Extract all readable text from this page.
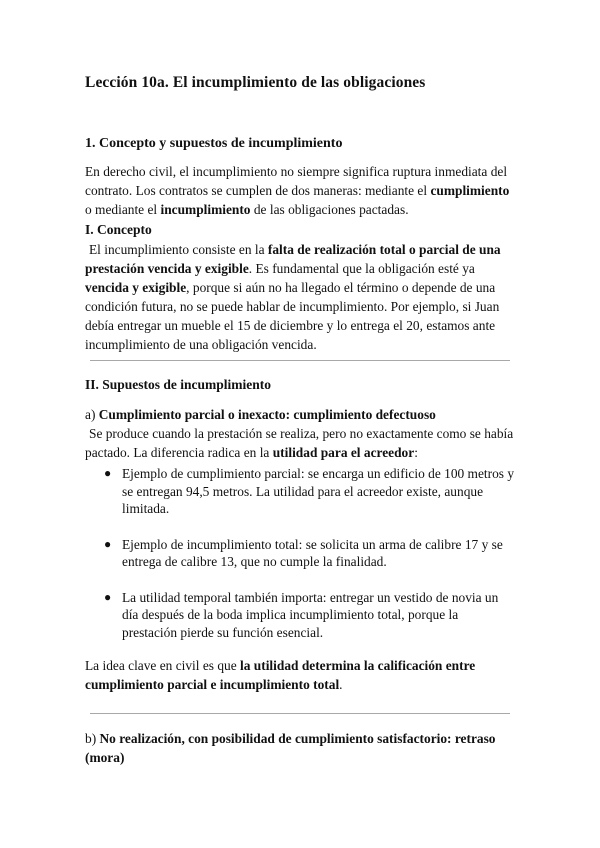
Lección 10a. El incumplimiento de las obligaciones
1. Concepto y supuestos de incumplimiento
En derecho civil, el incumplimiento no siempre significa ruptura inmediata del contrato. Los contratos se cumplen de dos maneras: mediante el cumplimiento o mediante el incumplimiento de las obligaciones pactadas.
I. Concepto
El incumplimiento consiste en la falta de realización total o parcial de una prestación vencida y exigible. Es fundamental que la obligación esté ya vencida y exigible, porque si aún no ha llegado el término o depende de una condición futura, no se puede hablar de incumplimiento. Por ejemplo, si Juan debía entregar un mueble el 15 de diciembre y lo entrega el 20, estamos ante incumplimiento de una obligación vencida.
II. Supuestos de incumplimiento
a) Cumplimiento parcial o inexacto: cumplimiento defectuoso
Se produce cuando la prestación se realiza, pero no exactamente como se había pactado. La diferencia radica en la utilidad para el acreedor:
● Ejemplo de cumplimiento parcial: se encarga un edificio de 100 metros y se entregan 94,5 metros. La utilidad para el acreedor existe, aunque limitada.
● Ejemplo de incumplimiento total: se solicita un arma de calibre 17 y se entrega de calibre 13, que no cumple la finalidad.
● La utilidad temporal también importa: entregar un vestido de novia un día después de la boda implica incumplimiento total, porque la prestación pierde su función esencial.
La idea clave en civil es que la utilidad determina la calificación entre cumplimiento parcial e incumplimiento total.
b) No realización, con posibilidad de cumplimiento satisfactorio: retraso (mora)
